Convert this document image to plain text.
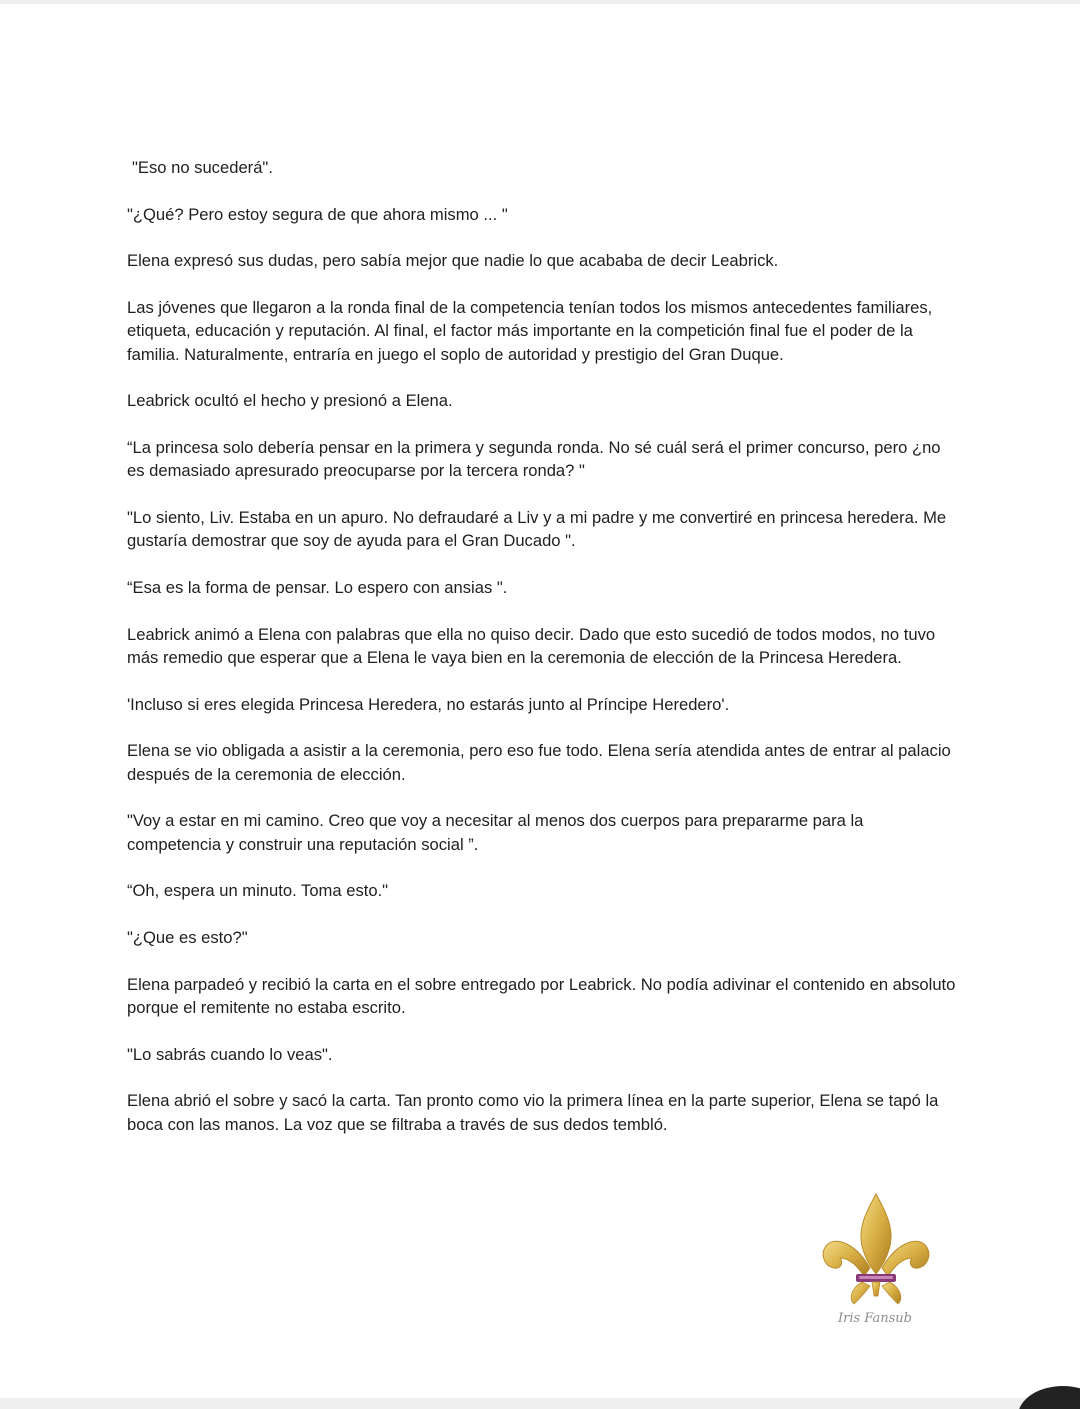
"Eso no sucederá".

"¿Qué? Pero estoy segura de que ahora mismo ... "

Elena expresó sus dudas, pero sabía mejor que nadie lo que acababa de decir Leabrick.

Las jóvenes que llegaron a la ronda final de la competencia tenían todos los mismos antecedentes familiares, etiqueta, educación y reputación. Al final, el factor más importante en la competición final fue el poder de la familia. Naturalmente, entraría en juego el soplo de autoridad y prestigio del Gran Duque.

Leabrick ocultó el hecho y presionó a Elena.

“La princesa solo debería pensar en la primera y segunda ronda. No sé cuál será el primer concurso, pero ¿no es demasiado apresurado preocuparse por la tercera ronda? "

"Lo siento, Liv. Estaba en un apuro. No defraudaré a Liv y a mi padre y me convertiré en princesa heredera. Me gustaría demostrar que soy de ayuda para el Gran Ducado ".

“Esa es la forma de pensar. Lo espero con ansias ".

Leabrick animó a Elena con palabras que ella no quiso decir. Dado que esto sucedió de todos modos, no tuvo más remedio que esperar que a Elena le vaya bien en la ceremonia de elección de la Princesa Heredera.

'Incluso si eres elegida Princesa Heredera, no estarás junto al Príncipe Heredero'.

Elena se vio obligada a asistir a la ceremonia, pero eso fue todo. Elena sería atendida antes de entrar al palacio después de la ceremonia de elección.

"Voy a estar en mi camino. Creo que voy a necesitar al menos dos cuerpos para prepararme para la competencia y construir una reputación social ”.

“Oh, espera un minuto. Toma esto."

"¿Que es esto?"

Elena parpadeó y recibió la carta en el sobre entregado por Leabrick. No podía adivinar el contenido en absoluto porque el remitente no estaba escrito.

"Lo sabrás cuando lo veas".

Elena abrió el sobre y sacó la carta. Tan pronto como vio la primera línea en la parte superior, Elena se tapó la boca con las manos. La voz que se filtraba a través de sus dedos tembló.

Iris Fansub
